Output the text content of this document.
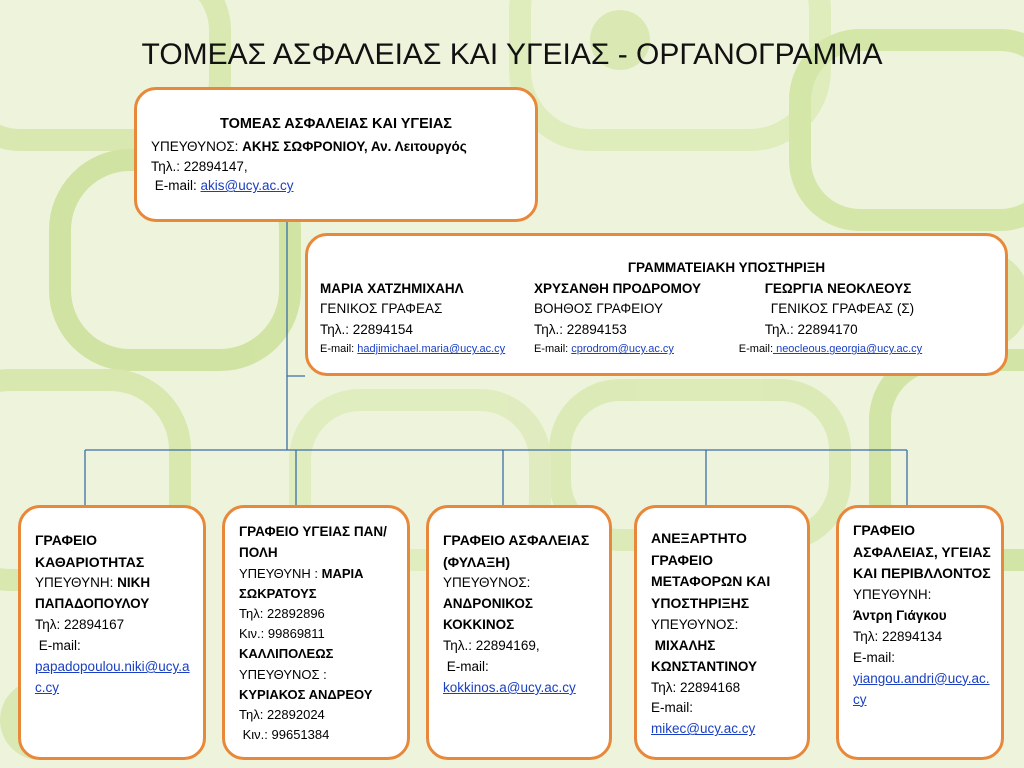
ΤΟΜΕΑΣ ΑΣΦΑΛΕΙΑΣ ΚΑΙ ΥΓΕΙΑΣ - ΟΡΓΑΝΟΓΡΑΜΜΑ
ΤΟΜΕΑΣ ΑΣΦΑΛΕΙΑΣ ΚΑΙ ΥΓΕΙΑΣ
ΥΠΕΥΘΥΝΟΣ: ΑΚΗΣ ΣΩΦΡΟΝΙΟΥ, Αν. Λειτουργός
Τηλ.: 22894147,
E-mail: akis@ucy.ac.cy
ΓΡΑΜΜΑΤΕΙΑΚΗ ΥΠΟΣΤΗΡΙΞΗ
ΜΑΡΙΑ ΧΑΤΖΗΜΙΧΑΗΛ
ΓΕΝΙΚΟΣ ΓΡΑΦΕΑΣ
Τηλ.: 22894154
E-mail: hadjimichael.maria@ucy.ac.cy
ΧΡΥΣΑΝΘΗ ΠΡΟΔΡΟΜΟΥ
ΒΟΗΘΟΣ ΓΡΑΦΕΙΟΥ
Τηλ.: 22894153
E-mail: cprodrom@ucy.ac.cy
ΓΕΩΡΓΙΑ ΝΕΟΚΛΕΟΥΣ
ΓΕΝΙΚΟΣ ΓΡΑΦΕΑΣ (Σ)
Τηλ.: 22894170
E-mail: neocleous.georgia@ucy.ac.cy
ΓΡΑΦΕΙΟ ΚΑΘΑΡΙΟΤΗΤΑΣ
ΥΠΕΥΘΥΝΗ: ΝΙΚΗ ΠΑΠΑΔΟΠΟΥΛΟΥ
Τηλ: 22894167
E-mail:
papadopoulou.niki@ucy.ac.cy
ΓΡΑΦΕΙΟ ΥΓΕΙΑΣ ΠΑΝ/ΠΟΛΗ
ΥΠΕΥΘΥΝΗ : ΜΑΡΙΑ ΣΩΚΡΑΤΟΥΣ
Τηλ: 22892896
Κιν.: 99869811
ΚΑΛΛΙΠΟΛΕΩΣ
ΥΠΕΥΘΥΝΟΣ :
ΚΥΡΙΑΚΟΣ ΑΝΔΡΕΟΥ
Τηλ: 22892024
Κιν.: 99651384
ΓΡΑΦΕΙΟ ΑΣΦΑΛΕΙΑΣ (ΦΥΛΑΞΗ)
ΥΠΕΥΘΥΝΟΣ:
ΑΝΔΡΟΝΙΚΟΣ ΚΟΚΚΙΝΟΣ
Τηλ.: 22894169,
E-mail:
kokkinos.a@ucy.ac.cy
ΑΝΕΞΑΡΤΗΤΟ ΓΡΑΦΕΙΟ ΜΕΤΑΦΟΡΩΝ ΚΑΙ ΥΠΟΣΤΗΡΙΞΗΣ
ΥΠΕΥΘΥΝΟΣ:
ΜΙΧΑΛΗΣ ΚΩΝΣΤΑΝΤΙΝΟΥ
Τηλ: 22894168
E-mail:
mikec@ucy.ac.cy
ΓΡΑΦΕΙΟ ΑΣΦΑΛΕΙΑΣ, ΥΓΕΙΑΣ ΚΑΙ ΠΕΡΙΒΛΛΟΝΤΟΣ
ΥΠΕΥΘΥΝΗ:
Άντρη Γιάγκου
Τηλ: 22894134
E-mail:
yiangou.andri@ucy.ac.cy
